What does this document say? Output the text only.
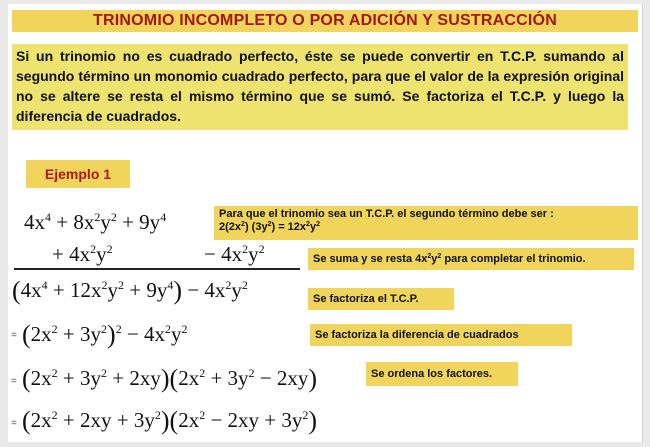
TRINOMIO INCOMPLETO O POR ADICIÓN Y SUSTRACCIÓN
Si un trinomio no es cuadrado perfecto, éste se puede convertir en T.C.P. sumando al segundo término un monomio cuadrado perfecto, para que el valor de la expresión original no se altere se resta el mismo término que se sumó. Se factoriza el T.C.P. y luego la diferencia de cuadrados.
Ejemplo 1
$4x^4 + 8x^2y^2 + 9y^4$	Para que el trinomio sea un T.C.P. el segundo término debe ser :
$2(2x^2) (3y^2) = 12x^2y^2$
+ $4x^2y^2$	− $4x^2y^2$
Se suma y se resta $4x^2y^2$ para completar el trinomio.
$(4x^4 + 12x^2y^2 + 9y^4) - 4x^2y^2$
Se factoriza el T.C.P.
= $(2x^2 + 3y^2)^2 - 4x^2y^2$	Se factoriza la diferencia de cuadrados
= $(2x^2 + 3y^2 + 2xy)(2x^2 + 3y^2 - 2xy)$	Se ordena los factores.
= $(2x^2 + 2xy + 3y^2)(2x^2 - 2xy + 3y^2)$
